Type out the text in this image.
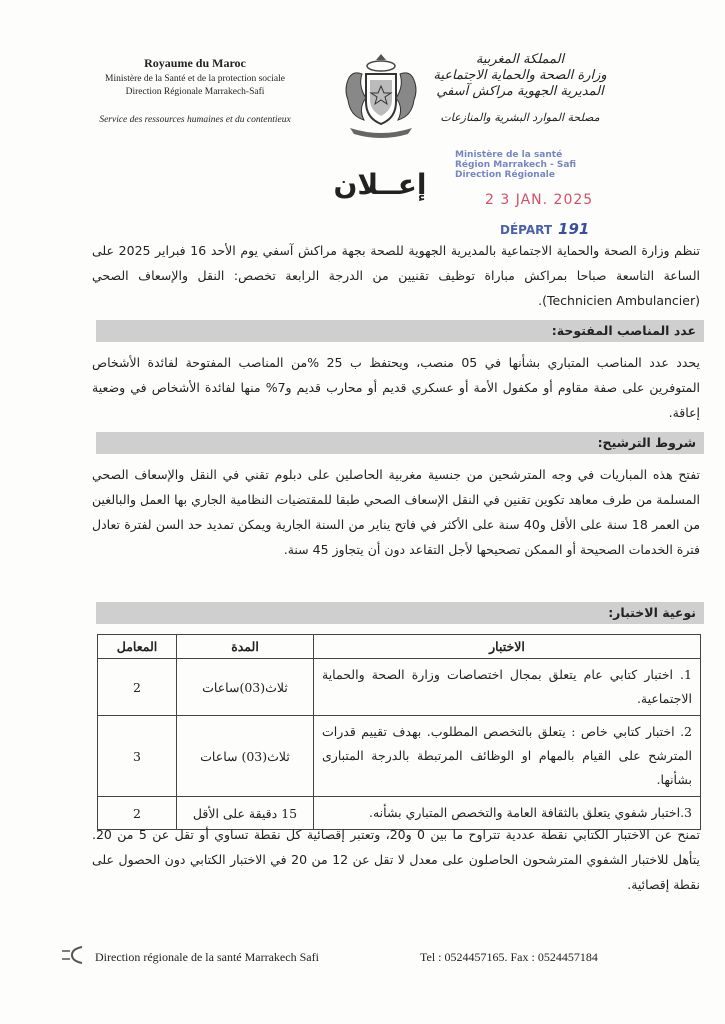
Royaume du Maroc
Ministère de la Santé et de la protection sociale
Direction Régionale Marrakech-Safi
Service des ressources humaines et du contentieux
المملكة المغربية
وزارة الصحة والحماية الاجتماعية
المديرية الجهوية مراكش آسفي
مصلحة الموارد البشرية والمنازعات
Ministère de la santé
Région Marrakech - Safi
Direction Régionale
2 3 JAN. 2025
DÉPART 191
إعــلان
تنظم وزارة الصحة والحماية الاجتماعية بالمديرية الجهوية للصحة بجهة مراكش آسفي يوم الأحد 16 فبراير 2025 على الساعة التاسعة صباحا بمراكش مباراة توظيف تقنيين من الدرجة الرابعة تخصص: النقل والإسعاف الصحي (Technicien Ambulancier).
عدد المناصب المفتوحة:
يحدد عدد المناصب المتباري بشأنها في 05 منصب، ويحتفظ ب 25 %من المناصب المفتوحة لفائدة الأشخاص المتوفرين على صفة مقاوم أو مكفول الأمة أو عسكري قديم أو محارب قديم و7% منها لفائدة الأشخاص في وضعية إعاقة.
شروط الترشيح:
تفتح هذه المباريات في وجه المترشحين من جنسية مغربية الحاصلين على دبلوم تقني في النقل والإسعاف الصحي المسلمة من طرف معاهد تكوين تقنين في النقل الإسعاف الصحي طبقا للمقتضيات النظامية الجاري بها العمل والبالغين من العمر 18 سنة على الأقل و40 سنة على الأكثر في فاتح يناير من السنة الجارية ويمكن تمديد حد السن لفترة تعادل فترة الخدمات الصحيحة أو الممكن تصحيحها لأجل التقاعد دون أن يتجاوز 45 سنة.
نوعية الاختبار:
الاختبار	المدة	المعامل
1. اختبار كتابي عام يتعلق بمجال اختصاصات وزارة الصحة والحماية الاجتماعية.	ثلاث(03)ساعات	2
2. اختبار كتابي خاص : يتعلق بالتخصص المطلوب. بهدف تقييم قدرات المترشح على القيام بالمهام او الوظائف المرتبطة بالدرجة المتبارى بشأنها.	ثلاث(03) ساعات	3
3.اختبار شفوي يتعلق بالثقافة العامة والتخصص المتباري بشأنه.	15 دقيقة على الأقل	2
تمنح عن الاختبار الكتابي نقطة عددية تتراوح ما بين 0 و20، وتعتبر إقصائية كل نقطة تساوي أو تقل عن 5 من 20. يتأهل للاختبار الشفوي المترشحون الحاصلون على معدل لا تقل عن 12 من 20 في الاختبار الكتابي دون الحصول على نقطة إقصائية.
Direction régionale de la santé Marrakech Safi	Tel : 0524457165. Fax : 0524457184
